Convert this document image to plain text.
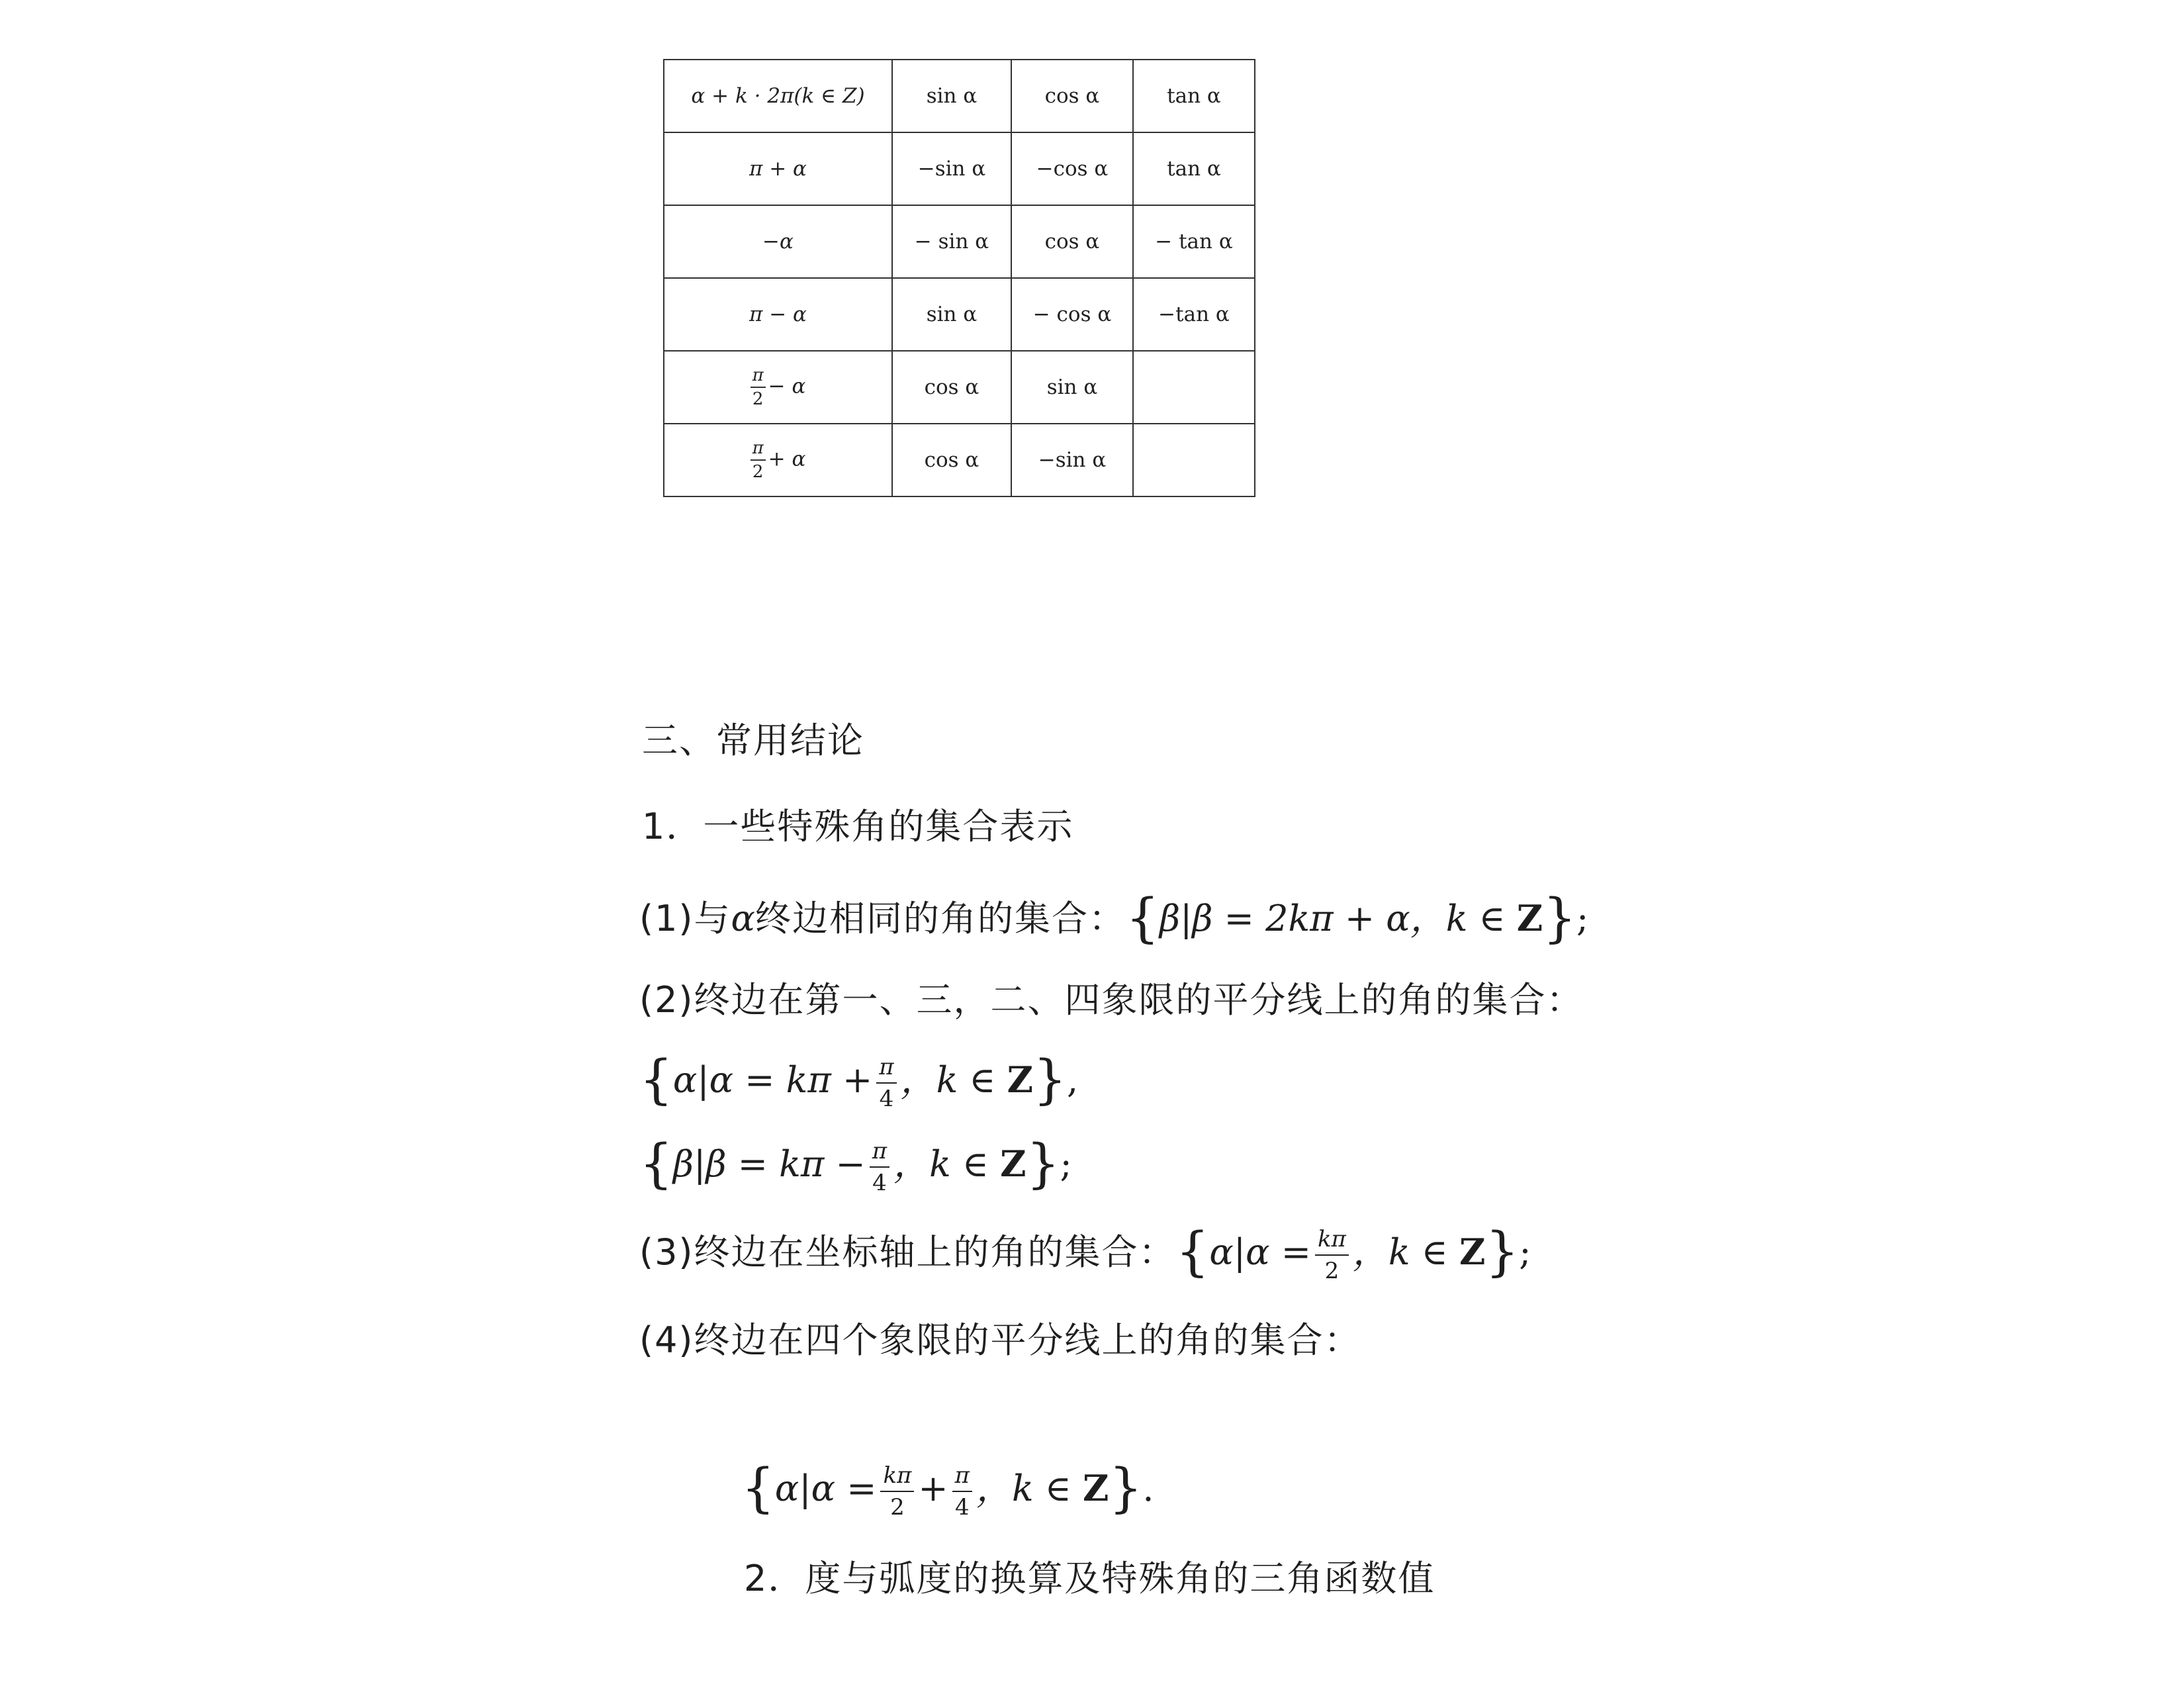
α + k · 2π(k ∈ Z)	sin α	cos α	tan α
π + α	−sin α	−cos α	tan α
−α	− sin α	cos α	− tan α
π − α	sin α	− cos α	−tan α

$\frac{\pi}{2} - \alpha$	cos α	sin α	

$\frac{\pi}{2} + \alpha$	cos α	−sin α	
三、常用结论
1．一些特殊角的集合表示
(1)与α终边相同的角的集合：{β|β = 2kπ + α，k ∈ Z};
(2)终边在第一、三，二、四象限的平分线上的角的集合：
{$\alpha|\alpha = k\pi + \frac{\pi}{4}$ ，k ∈ Z},
{$\beta|\beta = k\pi - \frac{\pi}{4}$ ，k ∈ Z};
(3)终边在坐标轴上的角的集合：{$\alpha|\alpha = \frac{k\pi}{2}$ ，k ∈ Z};
(4)终边在四个象限的平分线上的角的集合：
{$\alpha|\alpha = \frac{k\pi}{2} + \frac{\pi}{4}$ ，k ∈ Z}.
2．度与弧度的换算及特殊角的三角函数值
